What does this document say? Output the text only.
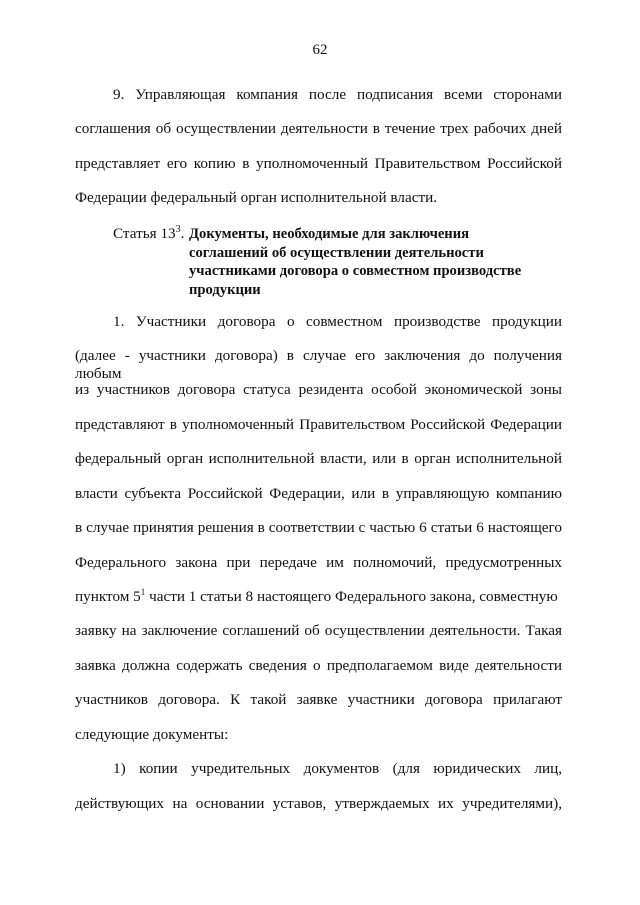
62
9. Управляющая компания после подписания всеми сторонами
соглашения об осуществлении деятельности в течение трех рабочих дней
представляет его копию в уполномоченный Правительством Российской
Федерации федеральный орган исполнительной власти.
Статья $13^3$. Документы, необходимые для заключения
соглашений об осуществлении деятельности
участниками договора о совместном производстве
продукции
1. Участники договора о совместном производстве продукции
(далее - участники договора) в случае его заключения до получения любым
из участников договора статуса резидента особой экономической зоны
представляют в уполномоченный Правительством Российской Федерации
федеральный орган исполнительной власти, или в орган исполнительной
власти субъекта Российской Федерации, или в управляющую компанию
в случае принятия решения в соответствии с частью 6 статьи 6 настоящего
Федерального закона при передаче им полномочий, предусмотренных
пунктом $5^1$ части 1 статьи 8 настоящего Федерального закона, совместную
заявку на заключение соглашений об осуществлении деятельности. Такая
заявка должна содержать сведения о предполагаемом виде деятельности
участников договора. К такой заявке участники договора прилагают
следующие документы:
1) копии учредительных документов (для юридических лиц,
действующих на основании уставов, утверждаемых их учредителями),
